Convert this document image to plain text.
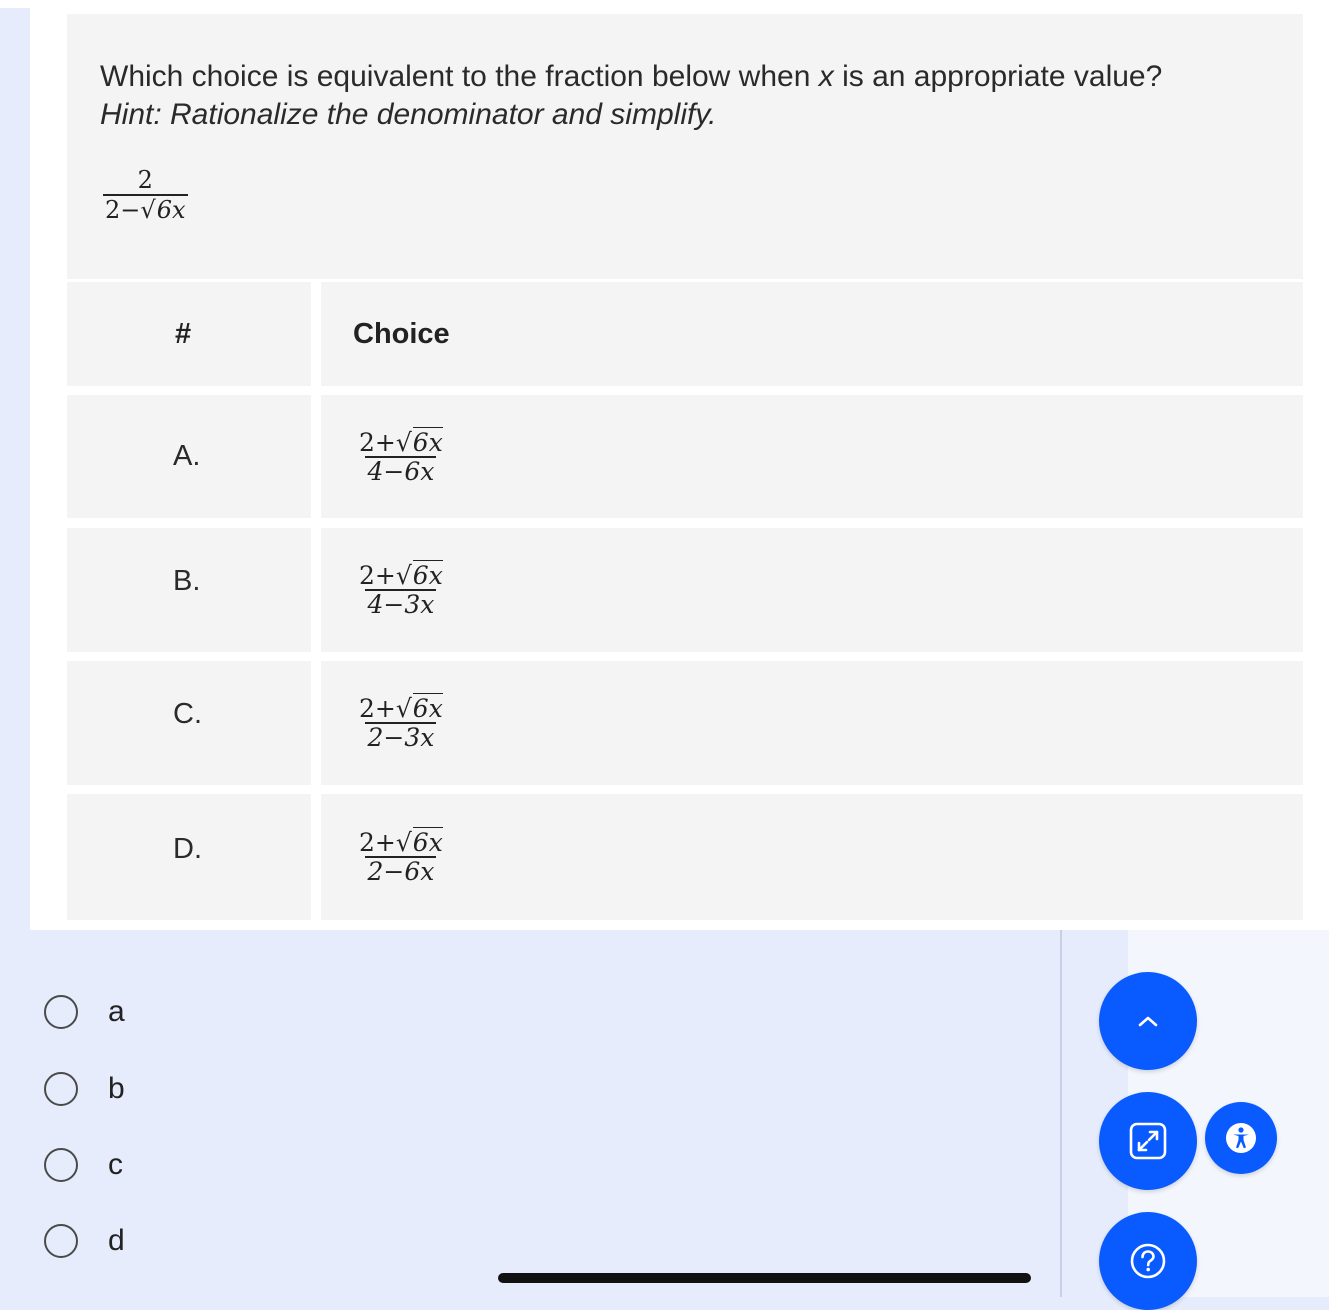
Which choice is equivalent to the fraction below when x is an appropriate value?
Hint: Rationalize the denominator and simplify.
$\frac{2}{2-√6x}$
#	Choice
A.	$\frac{2+√6x}{4-6x}$
B.	$\frac{2+√6x}{4-3x}$
C.	$\frac{2+√6x}{2-3x}$
D.	$\frac{2+√6x}{2-6x}$
a
b
c
d
